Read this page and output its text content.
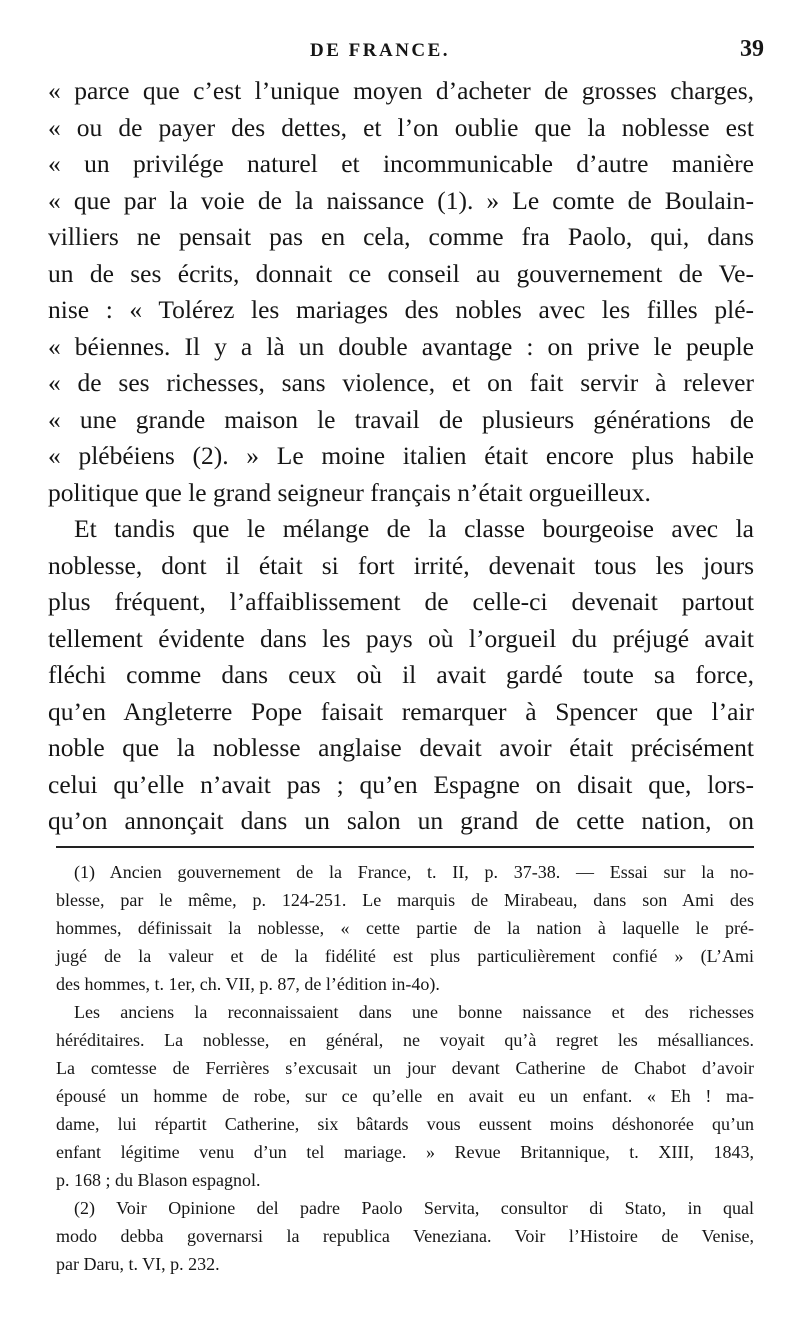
DE FRANCE.	39
« parce que c’est l’unique moyen d’acheter de grosses charges,
« ou de payer des dettes, et l’on oublie que la noblesse est
« un privilége naturel et incommunicable d’autre manière
« que par la voie de la naissance (1). » Le comte de Boulain-
villiers ne pensait pas en cela, comme fra Paolo, qui, dans
un de ses écrits, donnait ce conseil au gouvernement de Ve-
nise : « Tolérez les mariages des nobles avec les filles plé-
« béiennes. Il y a là un double avantage : on prive le peuple
« de ses richesses, sans violence, et on fait servir à relever
« une grande maison le travail de plusieurs générations de
« plébéiens (2). » Le moine italien était encore plus habile
politique que le grand seigneur français n’était orgueilleux.
Et tandis que le mélange de la classe bourgeoise avec la
noblesse, dont il était si fort irrité, devenait tous les jours
plus fréquent, l’affaiblissement de celle-ci devenait partout
tellement évidente dans les pays où l’orgueil du préjugé avait
fléchi comme dans ceux où il avait gardé toute sa force,
qu’en Angleterre Pope faisait remarquer à Spencer que l’air
noble que la noblesse anglaise devait avoir était précisément
celui qu’elle n’avait pas ; qu’en Espagne on disait que, lors-
qu’on annonçait dans un salon un grand de cette nation, on
(1) Ancien gouvernement de la France, t. II, p. 37-38. — Essai sur la no-
blesse, par le même, p. 124-251. Le marquis de Mirabeau, dans son Ami des
hommes, définissait la noblesse, « cette partie de la nation à laquelle le pré-
jugé de la valeur et de la fidélité est plus particulièrement confié » (L’Ami
des hommes, t. 1er, ch. VII, p. 87, de l’édition in-4o).
Les anciens la reconnaissaient dans une bonne naissance et des richesses
héréditaires. La noblesse, en général, ne voyait qu’à regret les mésalliances.
La comtesse de Ferrières s’excusait un jour devant Catherine de Chabot d’avoir
épousé un homme de robe, sur ce qu’elle en avait eu un enfant. « Eh ! ma-
dame, lui répartit Catherine, six bâtards vous eussent moins déshonorée qu’un
enfant légitime venu d’un tel mariage. » Revue Britannique, t. XIII, 1843,
p. 168 ; du Blason espagnol.
(2) Voir Opinione del padre Paolo Servita, consultor di Stato, in qual
modo debba governarsi la republica Veneziana. Voir l’Histoire de Venise,
par Daru, t. VI, p. 232.
